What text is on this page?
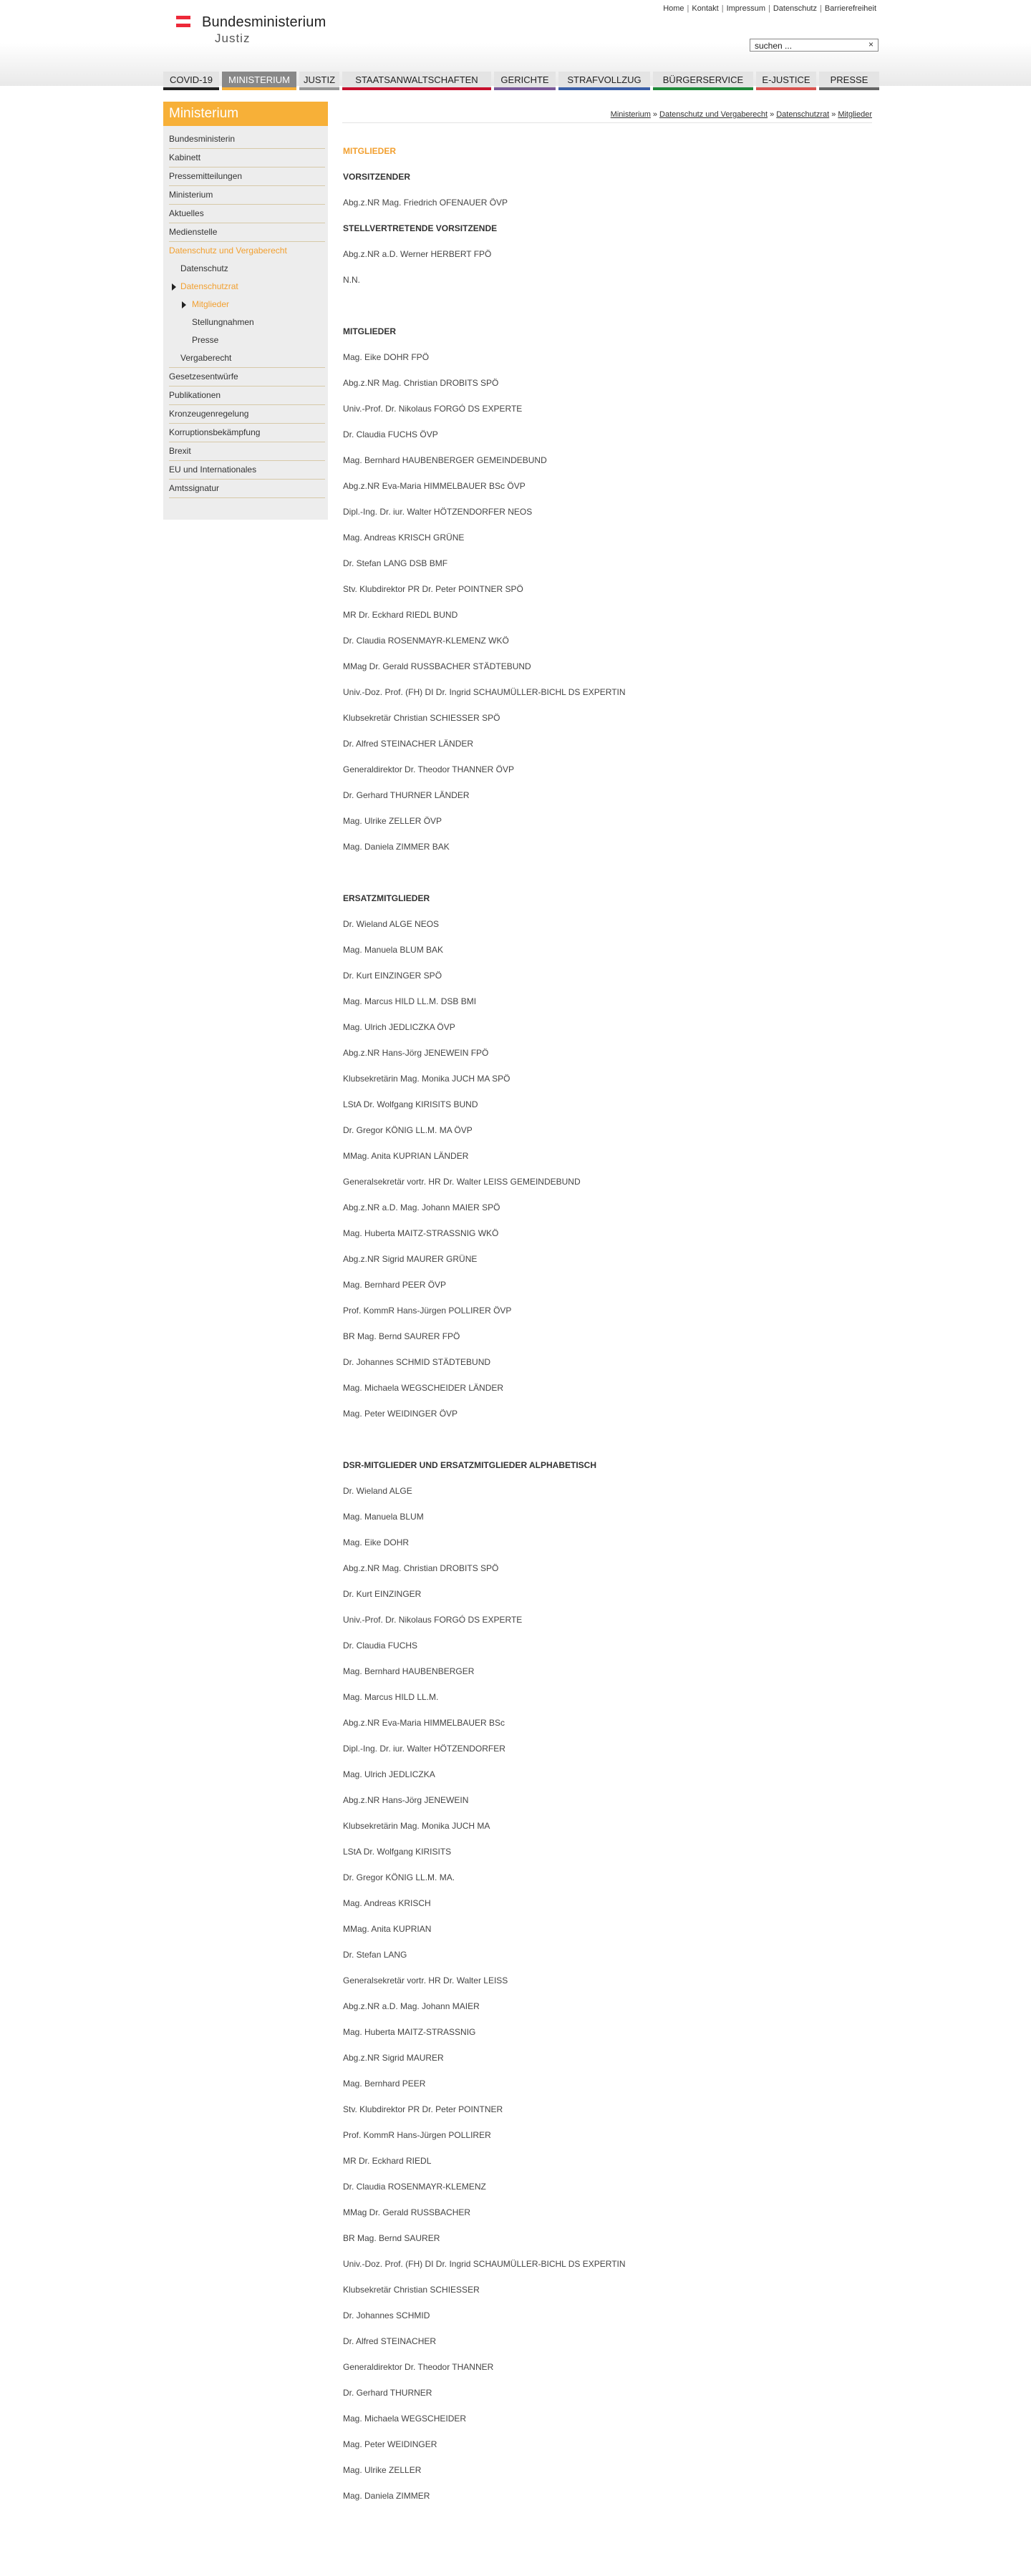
Bundesministerium
Justiz
Home | Kontakt | Impressum | Datenschutz | Barrierefreiheit
suchen ...
×
COVID-19	MINISTERIUM	JUSTIZ	STAATSANWALTSCHAFTEN	GERICHTE	STRAFVOLLZUG	BÜRGERSERVICE	E-JUSTICE	PRESSE
Ministerium
Bundesministerin
Kabinett
Pressemitteilungen
Ministerium
Aktuelles
Medienstelle
Datenschutz und Vergaberecht
Datenschutz
Datenschutzrat
Mitglieder
Stellungnahmen
Presse
Vergaberecht
Gesetzesentwürfe
Publikationen
Kronzeugenregelung
Korruptionsbekämpfung
Brexit
EU und Internationales
Amtssignatur
Ministerium » Datenschutz und Vergaberecht » Datenschutzrat » Mitglieder
MITGLIEDER
VORSITZENDER
Abg.z.NR Mag. Friedrich OFENAUER ÖVP
STELLVERTRETENDE VORSITZENDE
Abg.z.NR a.D. Werner HERBERT FPÖ
N.N.
MITGLIEDER
Mag. Eike DOHR FPÖ
Abg.z.NR Mag. Christian DROBITS SPÖ
Univ.-Prof. Dr. Nikolaus FORGÓ DS EXPERTE
Dr. Claudia FUCHS ÖVP
Mag. Bernhard HAUBENBERGER GEMEINDEBUND
Abg.z.NR Eva-Maria HIMMELBAUER BSc ÖVP
Dipl.-Ing. Dr. iur. Walter HÖTZENDORFER NEOS
Mag. Andreas KRISCH GRÜNE
Dr. Stefan LANG DSB BMF
Stv. Klubdirektor PR Dr. Peter POINTNER SPÖ
MR Dr. Eckhard RIEDL BUND
Dr. Claudia ROSENMAYR-KLEMENZ WKÖ
MMag Dr. Gerald RUSSBACHER STÄDTEBUND
Univ.-Doz. Prof. (FH) DI Dr. Ingrid SCHAUMÜLLER-BICHL DS EXPERTIN
Klubsekretär Christian SCHIESSER SPÖ
Dr. Alfred STEINACHER LÄNDER
Generaldirektor Dr. Theodor THANNER ÖVP
Dr. Gerhard THURNER LÄNDER
Mag. Ulrike ZELLER ÖVP
Mag. Daniela ZIMMER BAK
ERSATZMITGLIEDER
Dr. Wieland ALGE NEOS
Mag. Manuela BLUM BAK
Dr. Kurt EINZINGER SPÖ
Mag. Marcus HILD LL.M. DSB BMI
Mag. Ulrich JEDLICZKA ÖVP
Abg.z.NR Hans-Jörg JENEWEIN FPÖ
Klubsekretärin Mag. Monika JUCH MA SPÖ
LStA Dr. Wolfgang KIRISITS BUND
Dr. Gregor KÖNIG LL.M. MA ÖVP
MMag. Anita KUPRIAN LÄNDER
Generalsekretär vortr. HR Dr. Walter LEISS GEMEINDEBUND
Abg.z.NR a.D. Mag. Johann MAIER SPÖ
Mag. Huberta MAITZ-STRASSNIG WKÖ
Abg.z.NR Sigrid MAURER GRÜNE
Mag. Bernhard PEER ÖVP
Prof. KommR Hans-Jürgen POLLIRER ÖVP
BR Mag. Bernd SAURER FPÖ
Dr. Johannes SCHMID STÄDTEBUND
Mag. Michaela WEGSCHEIDER LÄNDER
Mag. Peter WEIDINGER ÖVP
DSR-MITGLIEDER UND ERSATZMITGLIEDER ALPHABETISCH
Dr. Wieland ALGE
Mag. Manuela BLUM
Mag. Eike DOHR
Abg.z.NR Mag. Christian DROBITS SPÖ
Dr. Kurt EINZINGER
Univ.-Prof. Dr. Nikolaus FORGÓ DS EXPERTE
Dr. Claudia FUCHS
Mag. Bernhard HAUBENBERGER
Mag. Marcus HILD LL.M.
Abg.z.NR Eva-Maria HIMMELBAUER BSc
Dipl.-Ing. Dr. iur. Walter HÖTZENDORFER
Mag. Ulrich JEDLICZKA
Abg.z.NR Hans-Jörg JENEWEIN
Klubsekretärin Mag. Monika JUCH MA
LStA Dr. Wolfgang KIRISITS
Dr. Gregor KÖNIG LL.M. MA.
Mag. Andreas KRISCH
MMag. Anita KUPRIAN
Dr. Stefan LANG
Generalsekretär vortr. HR Dr. Walter LEISS
Abg.z.NR a.D. Mag. Johann MAIER
Mag. Huberta MAITZ-STRASSNIG
Abg.z.NR Sigrid MAURER
Mag. Bernhard PEER
Stv. Klubdirektor PR Dr. Peter POINTNER
Prof. KommR Hans-Jürgen POLLIRER
MR Dr. Eckhard RIEDL
Dr. Claudia ROSENMAYR-KLEMENZ
MMag Dr. Gerald RUSSBACHER
BR Mag. Bernd SAURER
Univ.-Doz. Prof. (FH) DI Dr. Ingrid SCHAUMÜLLER-BICHL DS EXPERTIN
Klubsekretär Christian SCHIESSER
Dr. Johannes SCHMID
Dr. Alfred STEINACHER
Generaldirektor Dr. Theodor THANNER
Dr. Gerhard THURNER
Mag. Michaela WEGSCHEIDER
Mag. Peter WEIDINGER
Mag. Ulrike ZELLER
Mag. Daniela ZIMMER
